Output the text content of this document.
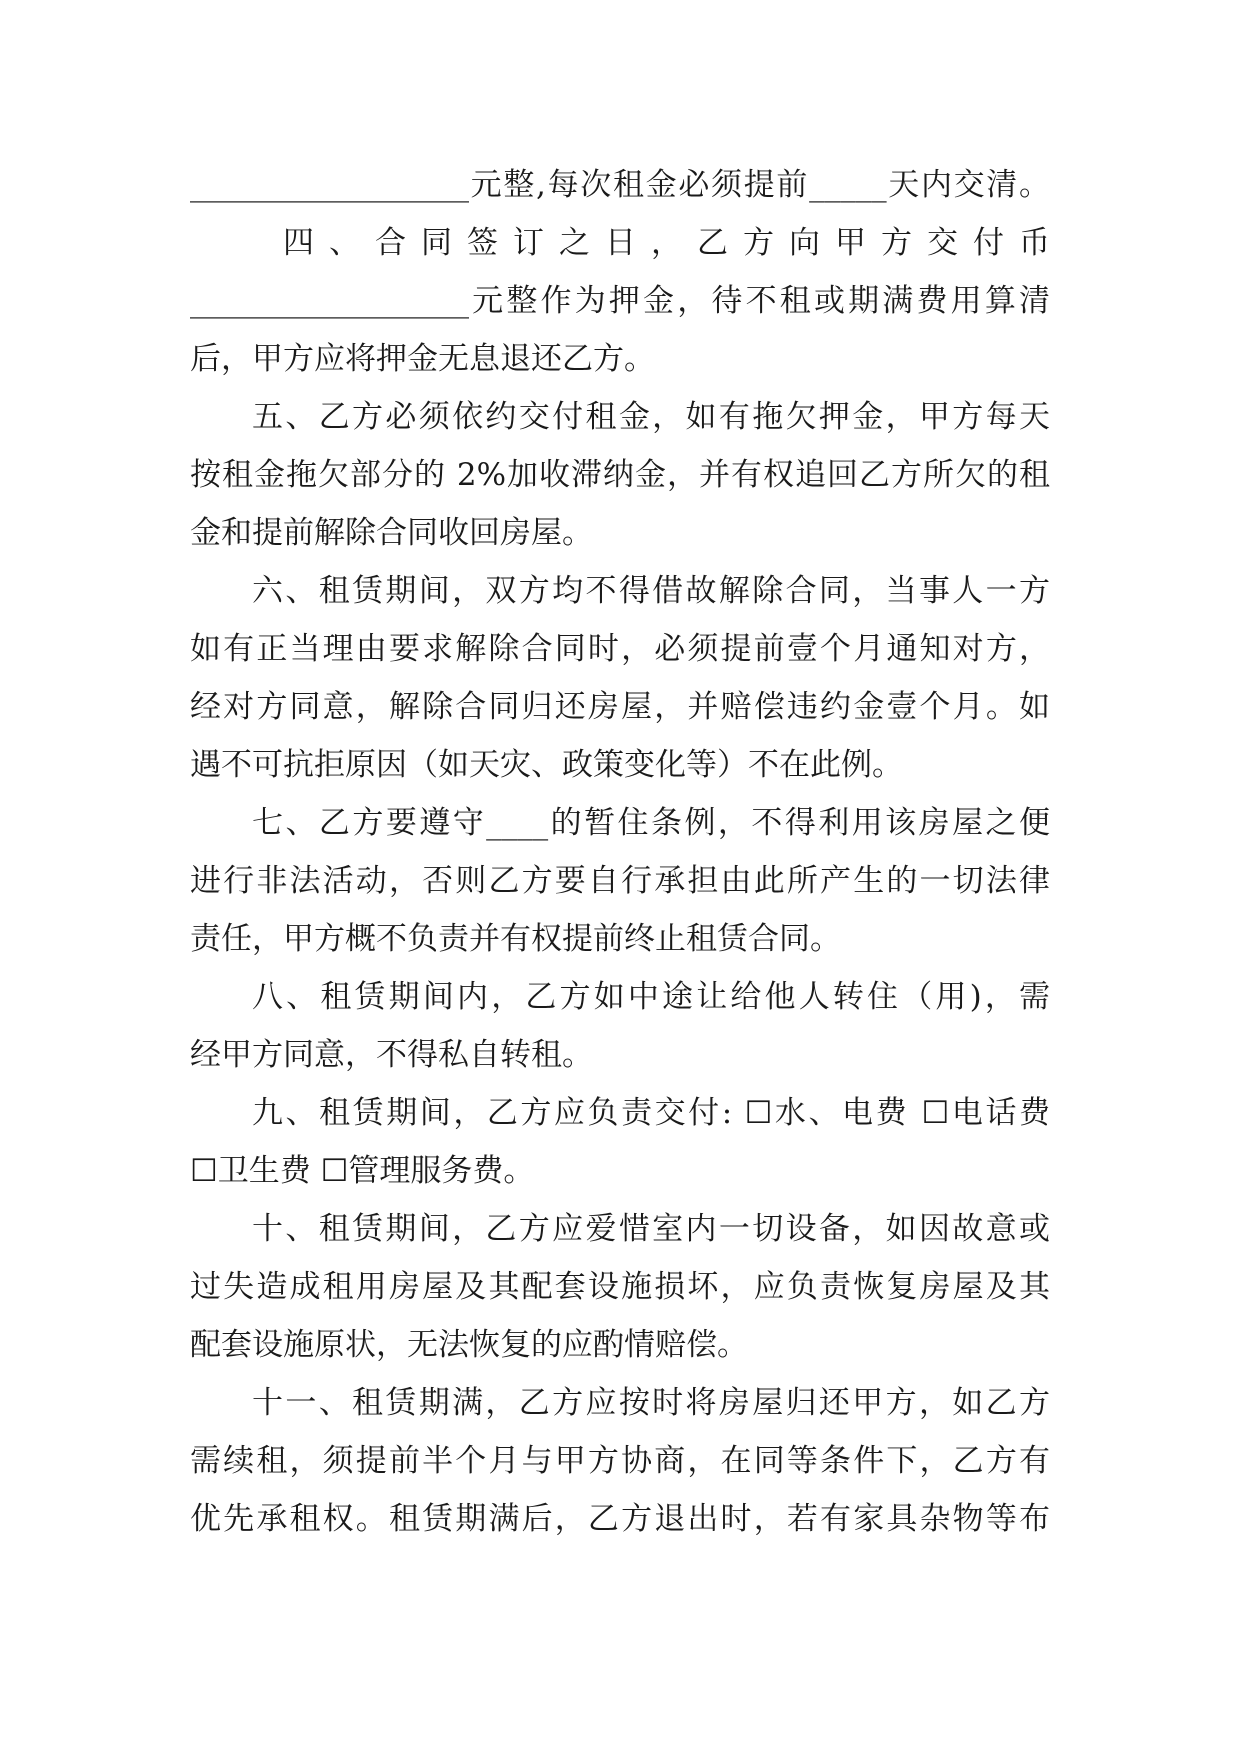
__________________元整,每次租金必须提前_____天内交清。
四 、 合 同 签 订 之 日 ， 乙 方 向 甲 方 交 付 币
__________________元整作为押金，待不租或期满费用算清
后，甲方应将押金无息退还乙方。
五、乙方必须依约交付租金，如有拖欠押金，甲方每天
按租金拖欠部分的 2%加收滞纳金，并有权追回乙方所欠的租
金和提前解除合同收回房屋。
六、租赁期间，双方均不得借故解除合同，当事人一方
如有正当理由要求解除合同时，必须提前壹个月通知对方，
经对方同意，解除合同归还房屋，并赔偿违约金壹个月。如
遇不可抗拒原因（如天灾、政策变化等）不在此例。
七、乙方要遵守____的暂住条例，不得利用该房屋之便
进行非法活动，否则乙方要自行承担由此所产生的一切法律
责任，甲方概不负责并有权提前终止租赁合同。
八、租赁期间内，乙方如中途让给他人转住（用)，需
经甲方同意，不得私自转租。
九、租赁期间，乙方应负责交付: ☐水、电费 ☐电话费
☐卫生费 ☐管理服务费。
十、租赁期间，乙方应爱惜室内一切设备，如因故意或
过失造成租用房屋及其配套设施损坏，应负责恢复房屋及其
配套设施原状，无法恢复的应酌情赔偿。
十一、租赁期满，乙方应按时将房屋归还甲方，如乙方
需续租，须提前半个月与甲方协商，在同等条件下，乙方有
优先承租权。租赁期满后，乙方退出时，若有家具杂物等布
